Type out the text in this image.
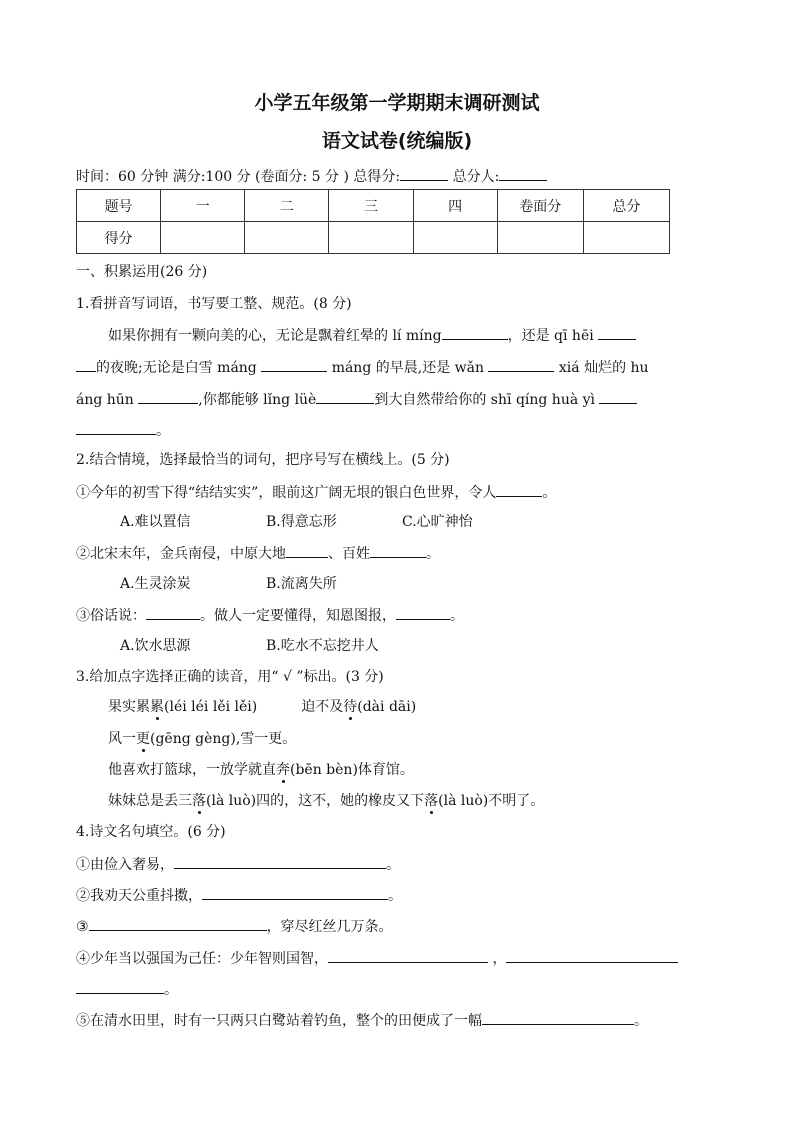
小学五年级第一学期期末调研测试
语文试卷(统编版)
时间：60 分钟 满分:100 分 (卷面分: 5 分 ) 总得分:	总分人:
题号	一	二	三	四	卷面分	总分
得分						
一、积累运用(26 分)
1.看拼音写词语，书写要工整、规范。(8 分)
如果你拥有一颗向美的心，无论是飘着红晕的 lí míng	，还是 qī hēi
的夜晚;无论是白雪 máng	máng 的早晨,还是 wǎn	xiá 灿烂的 hu
áng hūn	,你都能够 lǐng lüè	到大自然带给你的 shī qíng huà yì
。
2.结合情境，选择最恰当的词句，把序号写在横线上。(5 分)
①今年的初雪下得“结结实实”，眼前这广阔无垠的银白色世界，令人	。
A.难以置信	B.得意忘形	C.心旷神怡
②北宋末年，金兵南侵，中原大地	、百姓	。
A.生灵涂炭	B.流离失所
③俗话说：	。做人一定要懂得，知恩图报，	。
A.饮水思源	B.吃水不忘挖井人
3.给加点字选择正确的读音，用“ √ ”标出。(3 分)
果实累累(léi léi lěi lěi)	迫不及待(dài dāi)
风一更(gēng gèng),雪一更。
他喜欢打篮球，一放学就直奔(bēn bèn)体育馆。
妹妹总是丢三落(là luò)四的，这不，她的橡皮又下落(là luò)不明了。
4.诗文名句填空。(6 分)
①由俭入奢易，	。
②我劝天公重抖擞，	。
③	，穿尽红丝几万条。
④少年当以强国为己任：少年智则国智，	，
。
⑤在清水田里，时有一只两只白鹭站着钓鱼，整个的田便成了一幅	。
